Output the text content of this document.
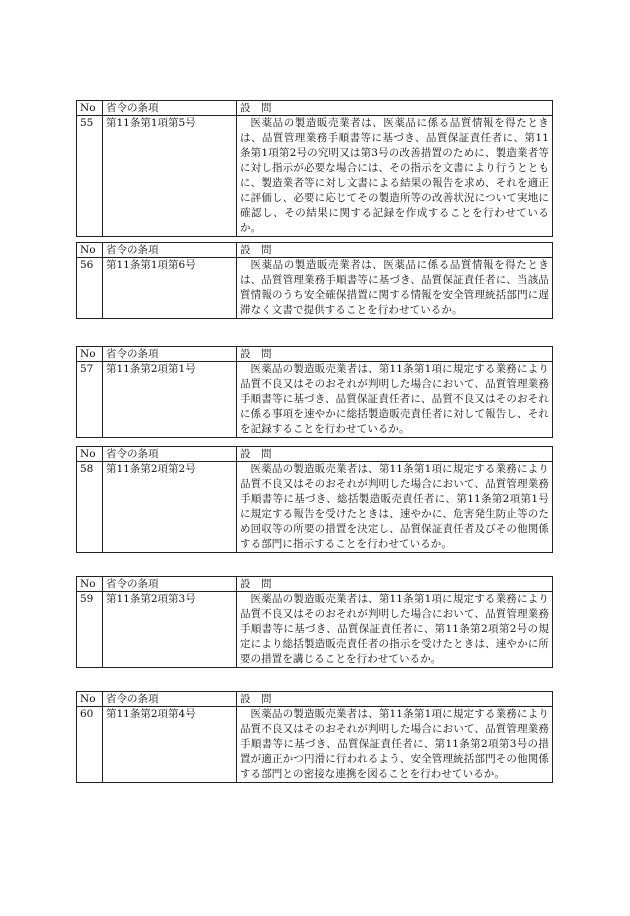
No	省令の条項	設　問
55	第11条第1項第5号	医薬品の製造販売業者は、医薬品に係る品質情報を得たときは、品質管理業務手順書等に基づき、品質保証責任者に、第11条第1項第2号の究明又は第3号の改善措置のために、製造業者等に対し指示が必要な場合には、その指示を文書により行うとともに、製造業者等に対し文書による結果の報告を求め、それを適正に評価し、必要に応じてその製造所等の改善状況について実地に確認し、その結果に関する記録を作成することを行わせているか。
No	省令の条項	設　問
56	第11条第1項第6号	医薬品の製造販売業者は、医薬品に係る品質情報を得たときは、品質管理業務手順書等に基づき、品質保証責任者に、当該品質情報のうち安全確保措置に関する情報を安全管理統括部門に遅滞なく文書で提供することを行わせているか。
No	省令の条項	設　問
57	第11条第2項第1号	医薬品の製造販売業者は、第11条第1項に規定する業務により品質不良又はそのおそれが判明した場合において、品質管理業務手順書等に基づき、品質保証責任者に、品質不良又はそのおそれに係る事項を速やかに総括製造販売責任者に対して報告し、それを記録することを行わせているか。
No	省令の条項	設　問
58	第11条第2項第2号	医薬品の製造販売業者は、第11条第1項に規定する業務により品質不良又はそのおそれが判明した場合において、品質管理業務手順書等に基づき、総括製造販売責任者に、第11条第2項第1号に規定する報告を受けたときは、速やかに、危害発生防止等のため回収等の所要の措置を決定し、品質保証責任者及びその他関係する部門に指示することを行わせているか。
No	省令の条項	設　問
59	第11条第2項第3号	医薬品の製造販売業者は、第11条第1項に規定する業務により品質不良又はそのおそれが判明した場合において、品質管理業務手順書等に基づき、品質保証責任者に、第11条第2項第2号の規定により総括製造販売責任者の指示を受けたときは、速やかに所要の措置を講じることを行わせているか。
No	省令の条項	設　問
60	第11条第2項第4号	医薬品の製造販売業者は、第11条第1項に規定する業務により品質不良又はそのおそれが判明した場合において、品質管理業務手順書等に基づき、品質保証責任者に、第11条第2項第3号の措置が適正かつ円滑に行われるよう、安全管理統括部門その他関係する部門との密接な連携を図ることを行わせているか。
